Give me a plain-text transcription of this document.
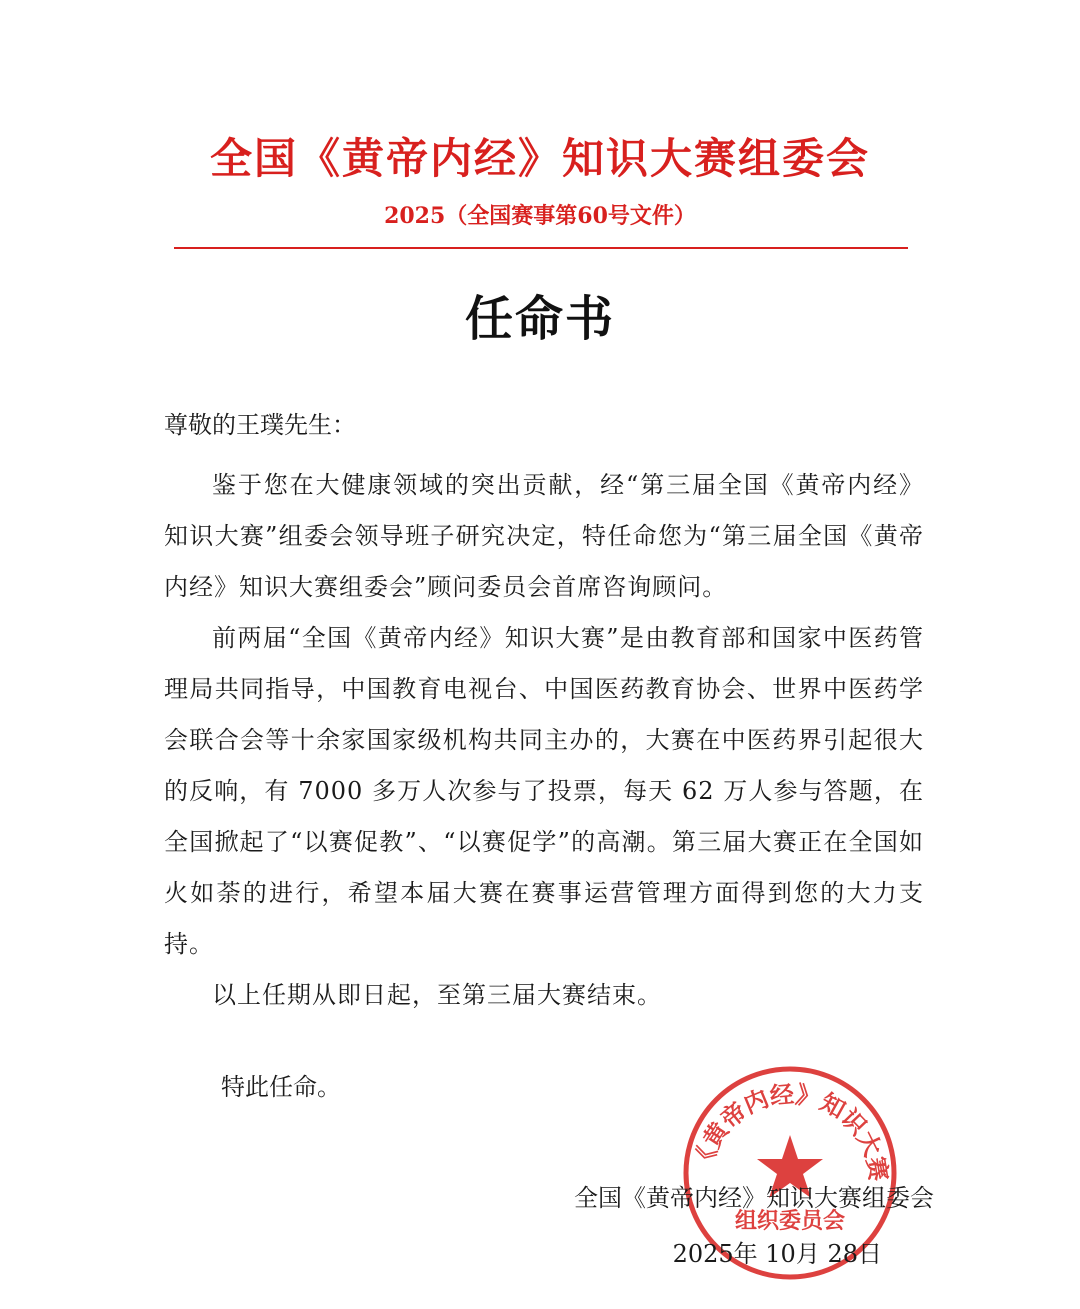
全国《黄帝内经》知识大赛组委会
2025（全国赛事第60号文件）
任命书
尊敬的王璞先生：

鉴于您在大健康领域的突出贡献，经“第三届全国《黄帝内经》知识大赛”组委会领导班子研究决定，特任命您为“第三届全国《黄帝内经》知识大赛组委会”顾问委员会首席咨询顾问。

前两届“全国《黄帝内经》知识大赛”是由教育部和国家中医药管理局共同指导，中国教育电视台、中国医药教育协会、世界中医药学会联合会等十余家国家级机构共同主办的，大赛在中医药界引起很大的反响，有 7000 多万人次参与了投票，每天 62 万人参与答题，在全国掀起了“以赛促教”、“以赛促学”的高潮。第三届大赛正在全国如火如荼的进行，希望本届大赛在赛事运营管理方面得到您的大力支持。

以上任期从即日起，至第三届大赛结束。

特此任命。
《黄帝内经》知识大赛
组织委员会
全国《黄帝内经》知识大赛组委会
2025年 10月 28日
